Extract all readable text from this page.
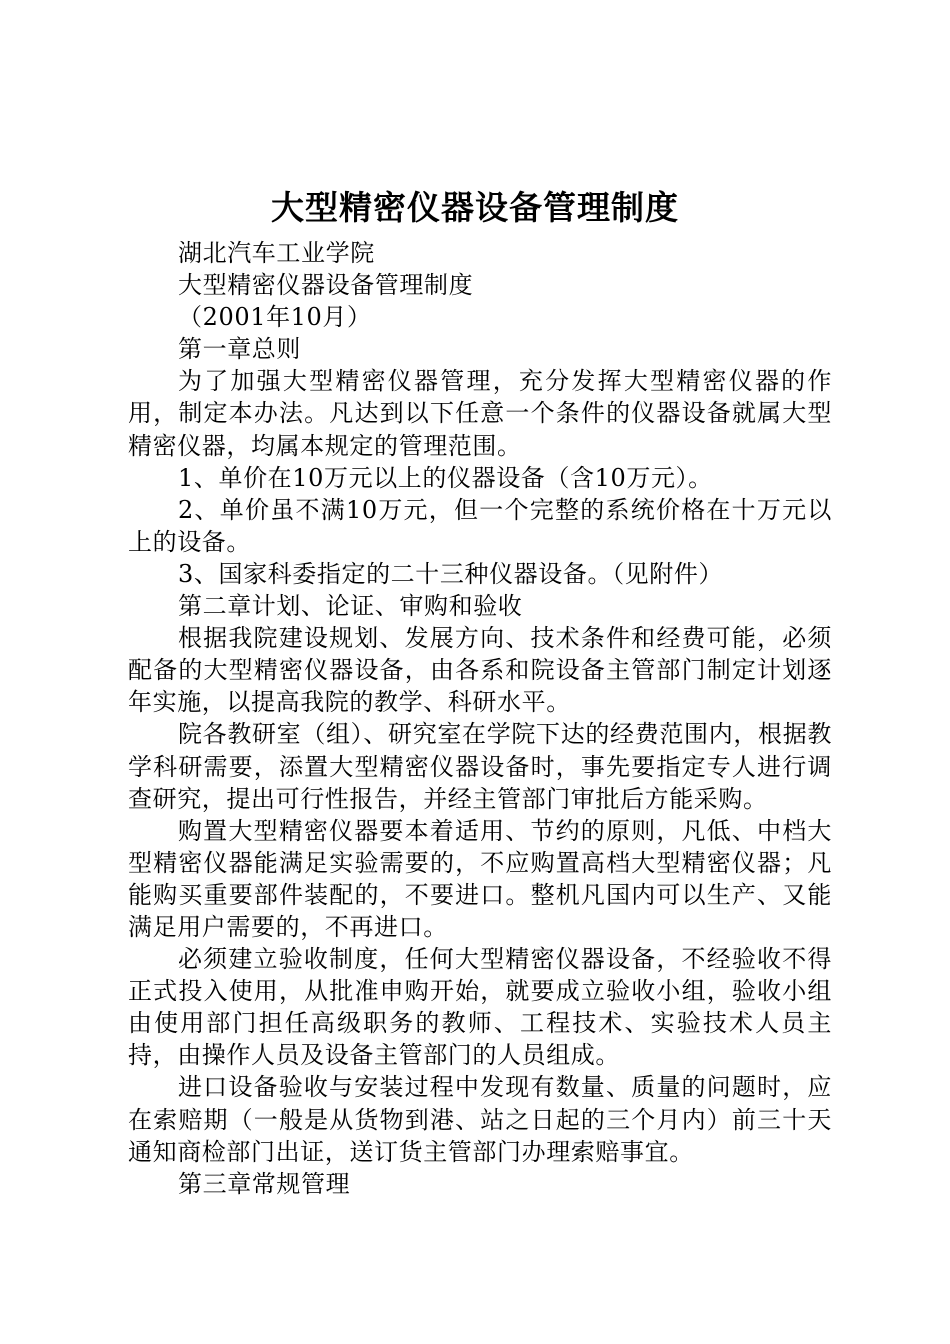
大型精密仪器设备管理制度

湖北汽车工业学院

大型精密仪器设备管理制度

（2001年10月）

第一章总则

为了加强大型精密仪器管理，充分发挥大型精密仪器的作用，制定本办法。凡达到以下任意一个条件的仪器设备就属大型精密仪器，均属本规定的管理范围。

1、单价在10万元以上的仪器设备（含10万元）。

2、单价虽不满10万元，但一个完整的系统价格在十万元以上的设备。

3、国家科委指定的二十三种仪器设备。（见附件）

第二章计划、论证、审购和验收

根据我院建设规划、发展方向、技术条件和经费可能，必须配备的大型精密仪器设备，由各系和院设备主管部门制定计划逐年实施，以提高我院的教学、科研水平。

院各教研室（组）、研究室在学院下达的经费范围内，根据教学科研需要，添置大型精密仪器设备时，事先要指定专人进行调查研究，提出可行性报告，并经主管部门审批后方能采购。

购置大型精密仪器要本着适用、节约的原则，凡低、中档大型精密仪器能满足实验需要的，不应购置高档大型精密仪器；凡能购买重要部件装配的，不要进口。整机凡国内可以生产、又能满足用户需要的，不再进口。

必须建立验收制度，任何大型精密仪器设备，不经验收不得正式投入使用，从批准申购开始，就要成立验收小组，验收小组由使用部门担任高级职务的教师、工程技术、实验技术人员主持，由操作人员及设备主管部门的人员组成。

进口设备验收与安装过程中发现有数量、质量的问题时，应在索赔期（一般是从货物到港、站之日起的三个月内）前三十天通知商检部门出证，送订货主管部门办理索赔事宜。

第三章常规管理
